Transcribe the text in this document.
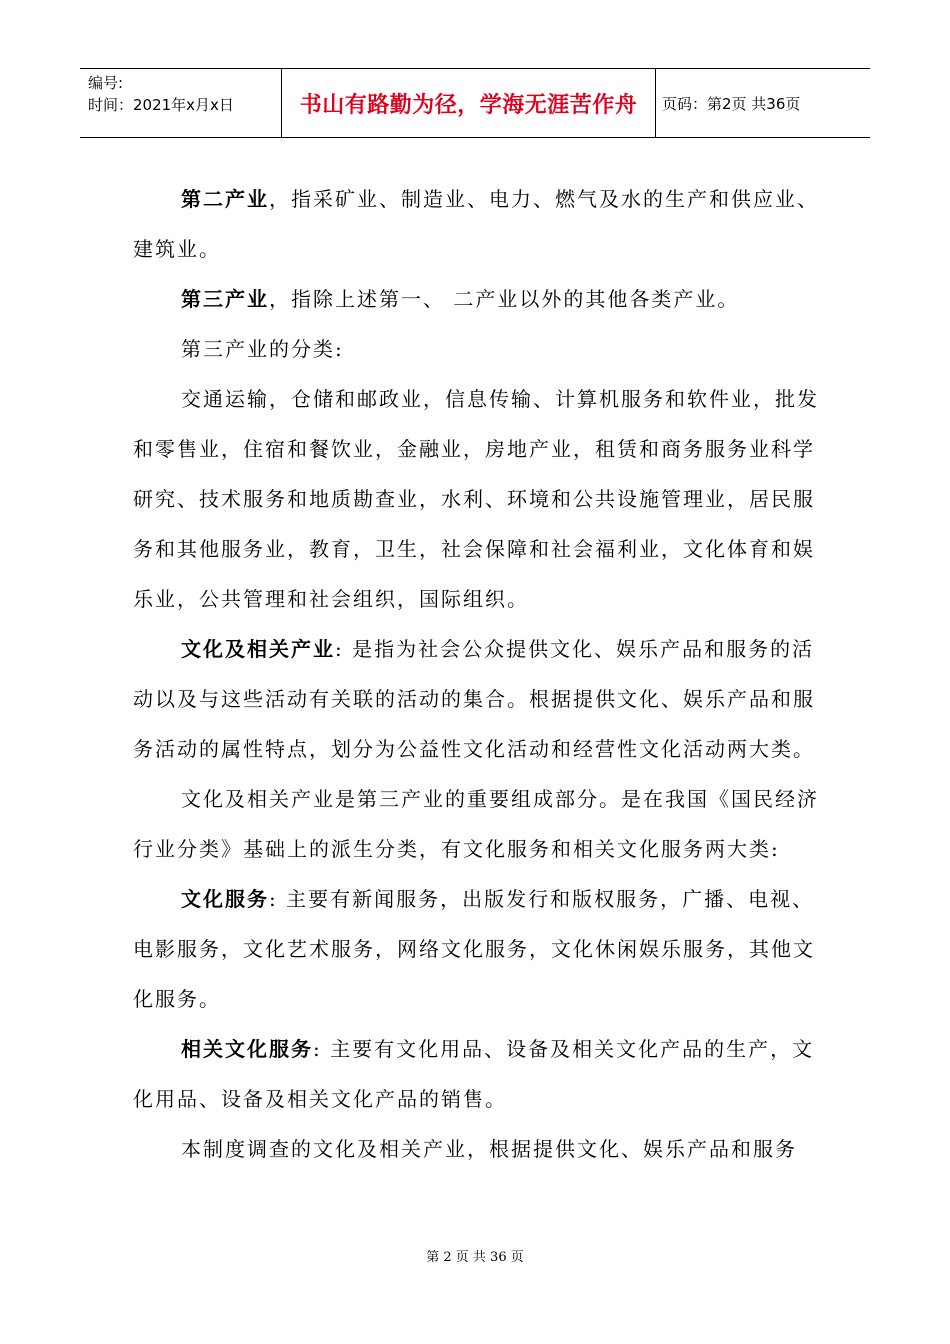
编号:
时间：2021年x月x日	书山有路勤为径，学海无涯苦作舟	页码：第2页 共36页

第二产业，指采矿业、制造业、电力、燃气及水的生产和供应业、建筑业。

第三产业，指除上述第一、 二产业以外的其他各类产业。

第三产业的分类:

交通运输，仓储和邮政业，信息传输、计算机服务和软件业，批发和零售业，住宿和餐饮业，金融业，房地产业，租赁和商务服务业科学研究、技术服务和地质勘查业，水利、环境和公共设施管理业，居民服务和其他服务业，教育，卫生，社会保障和社会福利业，文化体育和娱乐业，公共管理和社会组织，国际组织。

文化及相关产业: 是指为社会公众提供文化、娱乐产品和服务的活动以及与这些活动有关联的活动的集合。根据提供文化、娱乐产品和服务活动的属性特点，划分为公益性文化活动和经营性文化活动两大类。

文化及相关产业是第三产业的重要组成部分。是在我国《国民经济行业分类》基础上的派生分类，有文化服务和相关文化服务两大类:

文化服务: 主要有新闻服务，出版发行和版权服务，广播、电视、电影服务，文化艺术服务，网络文化服务，文化休闲娱乐服务，其他文化服务。

相关文化服务: 主要有文化用品、设备及相关文化产品的生产，文化用品、设备及相关文化产品的销售。

本制度调查的文化及相关产业，根据提供文化、娱乐产品和服务

第 2 页 共 36 页
